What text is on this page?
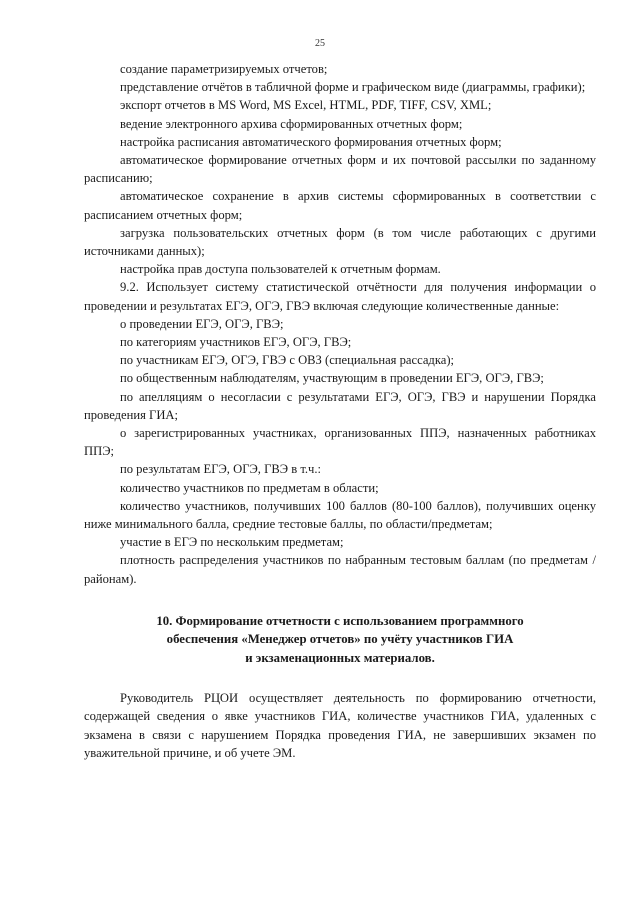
25

создание параметризируемых отчетов;

представление отчётов в табличной форме и графическом виде (диаграммы, графики);

экспорт отчетов в MS Word, MS Excel, HTML, PDF, TIFF, CSV, XML;

ведение электронного архива сформированных отчетных форм;

настройка расписания автоматического формирования отчетных форм;

автоматическое формирование отчетных форм и их почтовой рассылки по заданному расписанию;

автоматическое сохранение в архив системы сформированных в соответствии с расписанием отчетных форм;

загрузка пользовательских отчетных форм (в том числе работающих с другими источниками данных);

настройка прав доступа пользователей к отчетным формам.

9.2. Использует систему статистической отчётности для получения информации о проведении и результатах ЕГЭ, ОГЭ, ГВЭ включая следующие количественные данные:

о проведении ЕГЭ, ОГЭ, ГВЭ;

по категориям участников ЕГЭ, ОГЭ, ГВЭ;

по участникам ЕГЭ, ОГЭ, ГВЭ с ОВЗ (специальная рассадка);

по общественным наблюдателям, участвующим в проведении ЕГЭ, ОГЭ, ГВЭ;

по апелляциям о несогласии с результатами ЕГЭ, ОГЭ, ГВЭ и нарушении Порядка проведения ГИА;

о зарегистрированных участниках, организованных ППЭ, назначенных работниках ППЭ;

по результатам ЕГЭ, ОГЭ, ГВЭ в т.ч.:

количество участников по предметам в области;

количество участников, получивших 100 баллов (80-100 баллов), получивших оценку ниже минимального балла, средние тестовые баллы, по области/предметам;

участие в ЕГЭ по нескольким предметам;

плотность распределения участников по набранным тестовым баллам (по предметам / районам).

10. Формирование отчетности с использованием программного
обеспечения «Менеджер отчетов» по учёту участников ГИА
и экзаменационных материалов.

Руководитель РЦОИ осуществляет деятельность по формированию отчетности, содержащей сведения о явке участников ГИА, количестве участников ГИА, удаленных с экзамена в связи с нарушением Порядка проведения ГИА, не завершивших экзамен по уважительной причине, и об учете ЭМ.
